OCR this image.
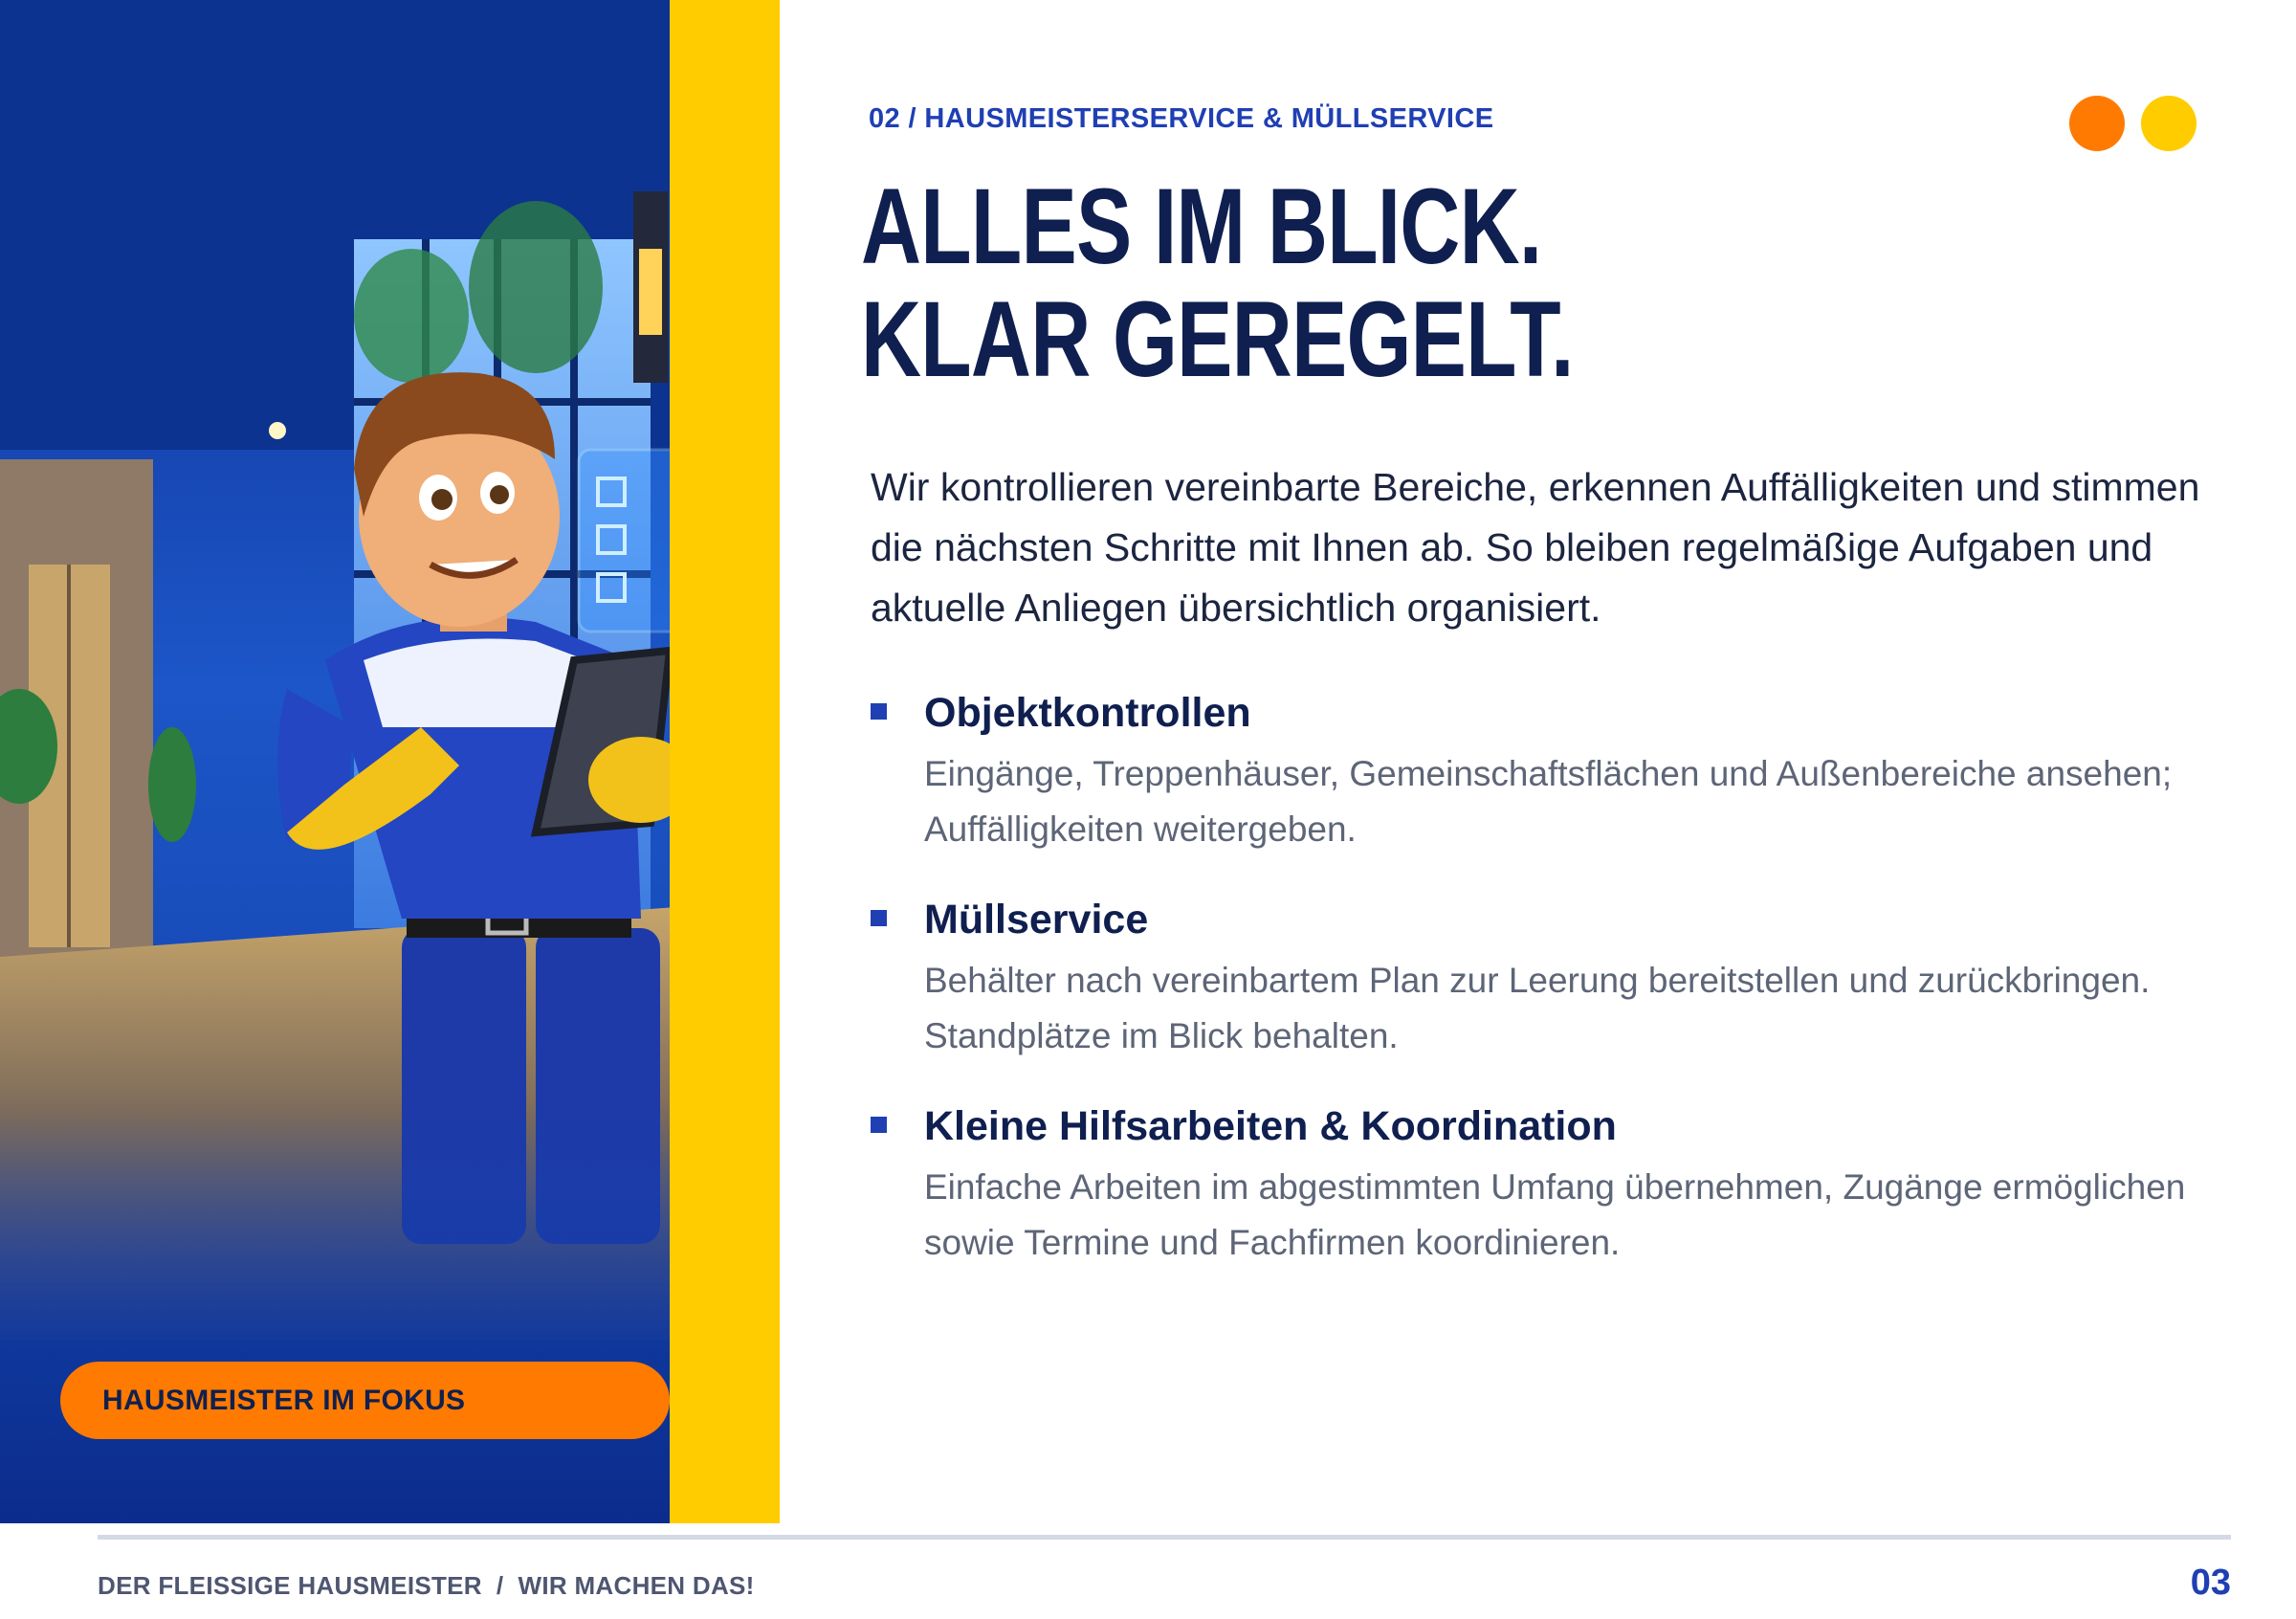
HAUSMEISTER IM FOKUS
02 / HAUSMEISTERSERVICE & MÜLLSERVICE
ALLES IM BLICK.
KLAR GEREGELT.

Wir kontrollieren vereinbarte Bereiche, erkennen Auffälligkeiten und stimmen die nächsten Schritte mit Ihnen ab. So bleiben regelmäßige Aufgaben und aktuelle Anliegen übersichtlich organisiert.

Objektkontrollen
Eingänge, Treppenhäuser, Gemeinschaftsflächen und Außenbereiche ansehen; Auffälligkeiten weitergeben.
Müllservice
Behälter nach vereinbartem Plan zur Leerung bereitstellen und zurückbringen. Standplätze im Blick behalten.
Kleine Hilfsarbeiten & Koordination
Einfache Arbeiten im abgestimmten Umfang übernehmen, Zugänge ermöglichen sowie Termine und Fachfirmen koordinieren.
DER FLEISSIGE HAUSMEISTER  /  WIR MACHEN DAS!	03
